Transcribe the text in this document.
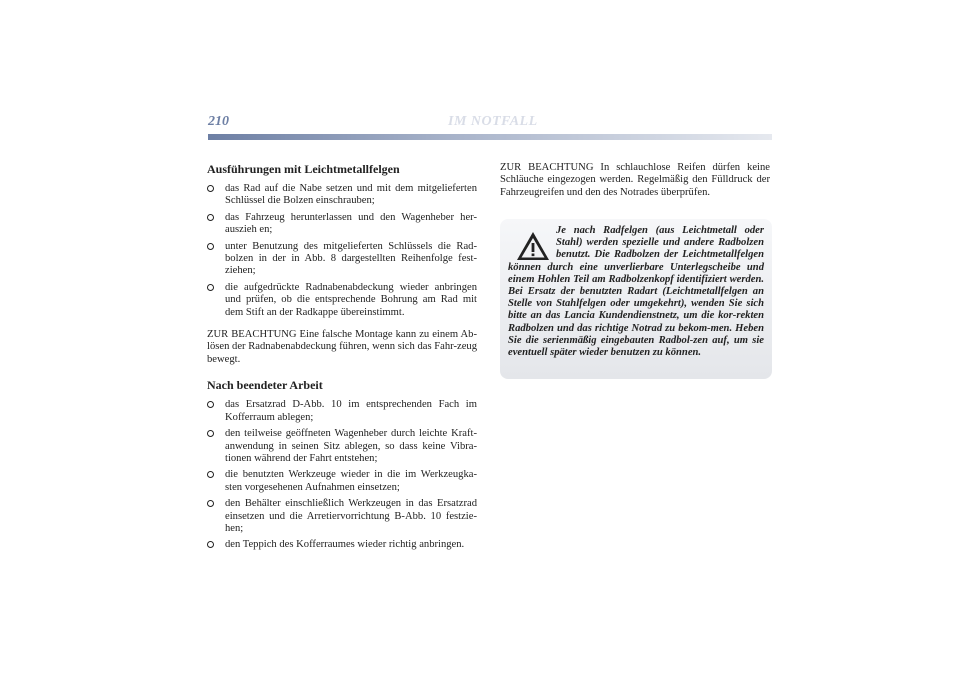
210	IM NOTFALL
Ausführungen mit Leichtmetallfelgen
das Rad auf die Nabe setzen und mit dem mitgelieferten Schlüssel die Bolzen einschrauben;
das Fahrzeug herunterlassen und den Wagenheber her-auszieh en;
unter Benutzung des mitgelieferten Schlüssels die Rad-bolzen in der in Abb. 8 dargestellten Reihenfolge fest-ziehen;
die aufgedrückte Radnabenabdeckung wieder anbringen und prüfen, ob die entsprechende Bohrung am Rad mit dem Stift an der Radkappe übereinstimmt.

ZUR BEACHTUNG Eine falsche Montage kann zu einem Ab-lösen der Radnabenabdeckung führen, wenn sich das Fahr-zeug bewegt.

Nach beendeter Arbeit
das Ersatzrad D-Abb. 10 im entsprechenden Fach im Kofferraum ablegen;
den teilweise geöffneten Wagenheber durch leichte Kraft-anwendung in seinen Sitz ablegen, so dass keine Vibra-tionen während der Fahrt entstehen;
die benutzten Werkzeuge wieder in die im Werkzeugka-sten vorgesehenen Aufnahmen einsetzen;
den Behälter einschließlich Werkzeugen in das Ersatzrad einsetzen und die Arretiervorrichtung B-Abb. 10 festzie-hen;
den Teppich des Kofferraumes wieder richtig anbringen.

ZUR BEACHTUNG In schlauchlose Reifen dürfen keine Schläuche eingezogen werden. Regelmäßig den Fülldruck der Fahrzeugreifen und den des Notrades überprüfen.

Je nach Radfelgen (aus Leichtmetall oder Stahl) werden spezielle und andere Radbolzen benutzt. Die Radbolzen der Leichtmetallfelgen können durch eine unverlierbare Unterlegscheibe und einem Hohlen Teil am Radbolzenkopf identifiziert werden. Bei Ersatz der benutzten Radart (Leichtmetallfelgen an Stelle von Stahlfelgen oder umgekehrt), wenden Sie sich bitte an das Lancia Kundendienstnetz, um die kor-rekten Radbolzen und das richtige Notrad zu bekom-men. Heben Sie die serienmäßig eingebauten Radbol-zen auf, um sie eventuell später wieder benutzen zu können.
